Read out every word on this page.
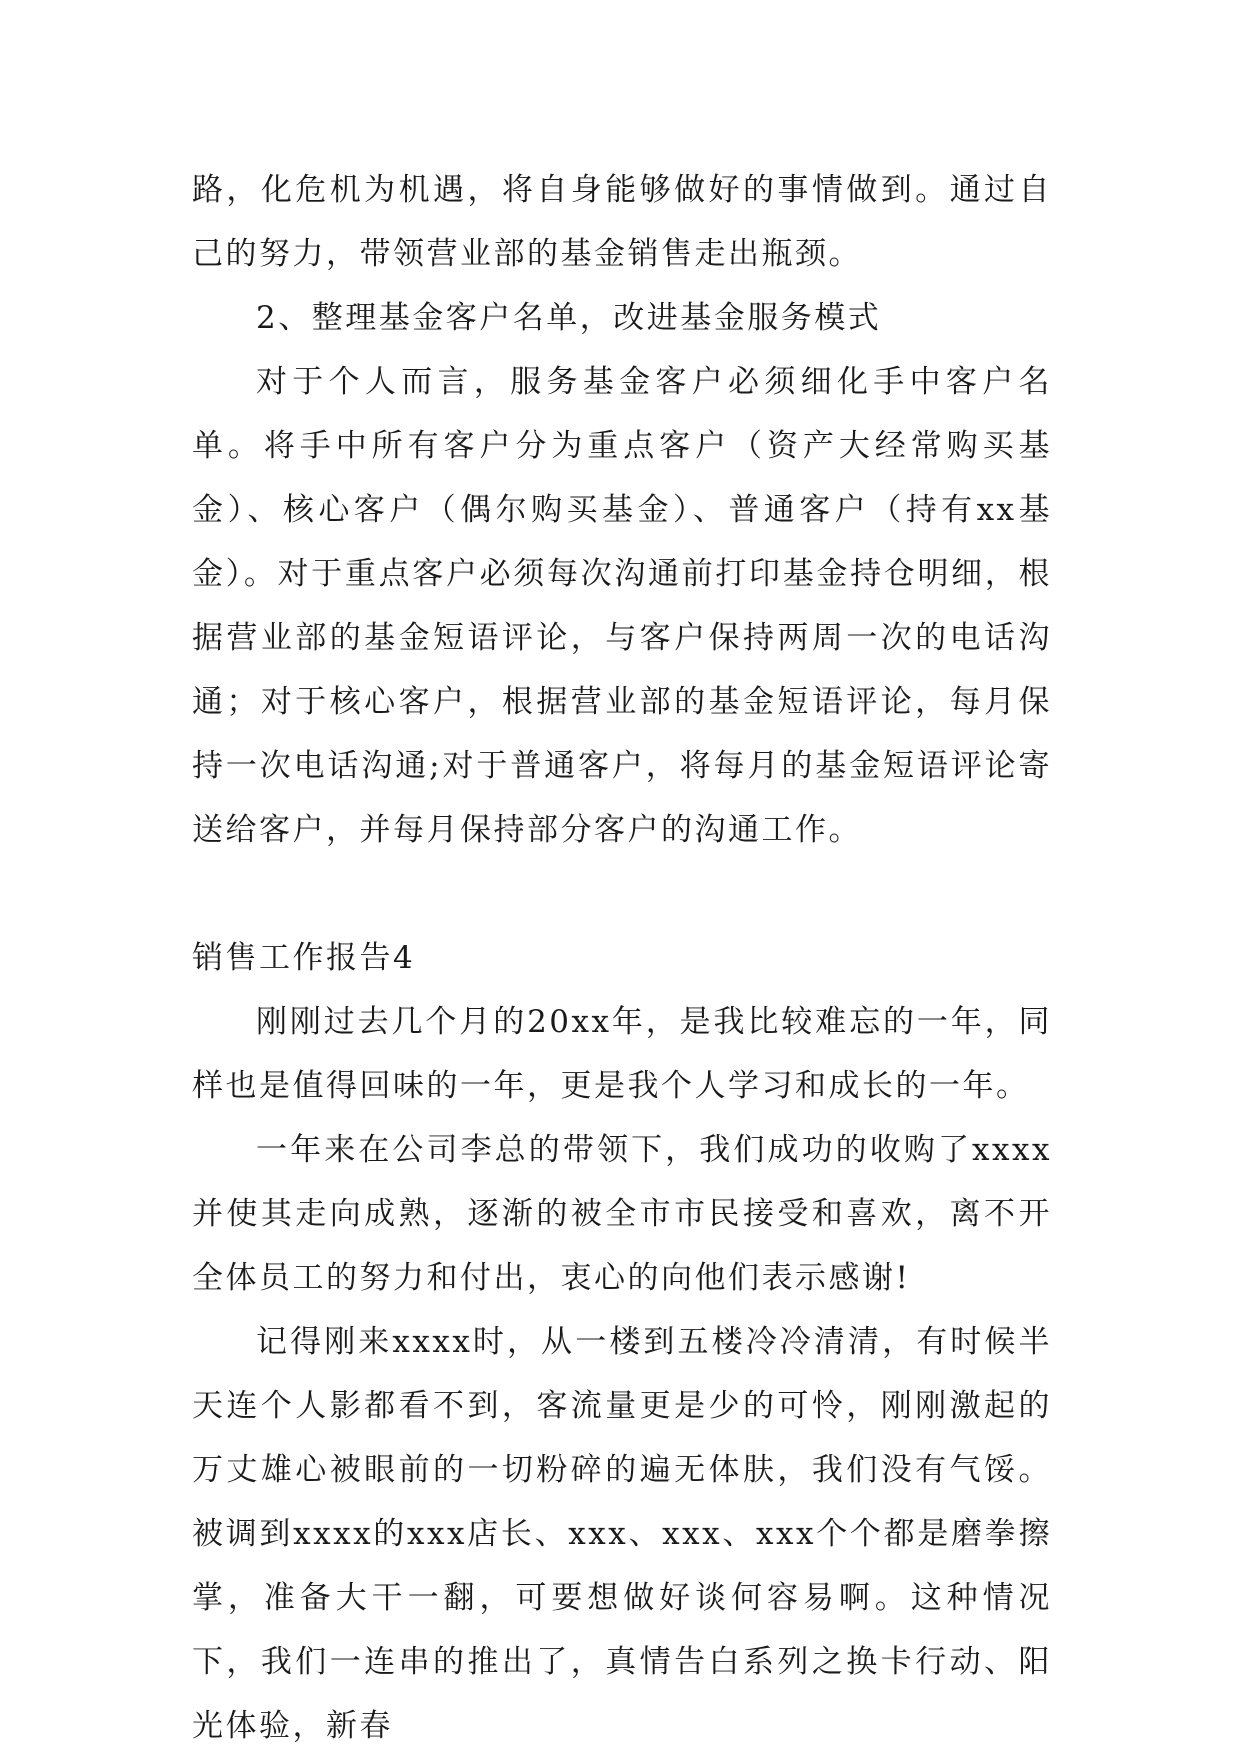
路，化危机为机遇，将自身能够做好的事情做到。通过自己的努力，带领营业部的基金销售走出瓶颈。

2、整理基金客户名单，改进基金服务模式

对于个人而言，服务基金客户必须细化手中客户名单。将手中所有客户分为重点客户（资产大经常购买基金）、核心客户（偶尔购买基金）、普通客户（持有xx基金）。对于重点客户必须每次沟通前打印基金持仓明细，根据营业部的基金短语评论，与客户保持两周一次的电话沟通；对于核心客户，根据营业部的基金短语评论，每月保持一次电话沟通;对于普通客户，将每月的基金短语评论寄送给客户，并每月保持部分客户的沟通工作。

销售工作报告4

刚刚过去几个月的20xx年，是我比较难忘的一年，同样也是值得回味的一年，更是我个人学习和成长的一年。

一年来在公司李总的带领下，我们成功的收购了xxxx并使其走向成熟，逐渐的被全市市民接受和喜欢，离不开全体员工的努力和付出，衷心的向他们表示感谢!

记得刚来xxxx时，从一楼到五楼冷冷清清，有时候半天连个人影都看不到，客流量更是少的可怜，刚刚激起的万丈雄心被眼前的一切粉碎的遍无体肤，我们没有气馁。被调到xxxx的xxx店长、xxx、xxx、xxx个个都是磨拳擦掌，准备大干一翻，可要想做好谈何容易啊。这种情况下，我们一连串的推出了，真情告白系列之换卡行动、阳光体验，新春
